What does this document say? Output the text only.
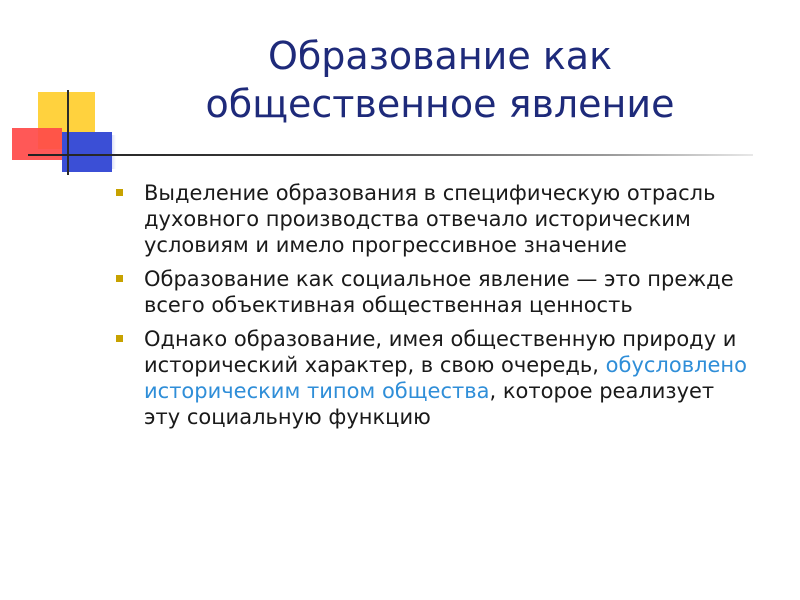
Образование как
общественное явление
Выделение образования в специфическую отрасль духовного производства отвечало историческим условиям и имело прогрессивное значение
Образование как социальное явление — это прежде всего объективная общественная ценность
Однако образование, имея общественную природу и исторический характер, в свою очередь, обусловлено историческим типом общества, которое реализует эту социальную функцию
